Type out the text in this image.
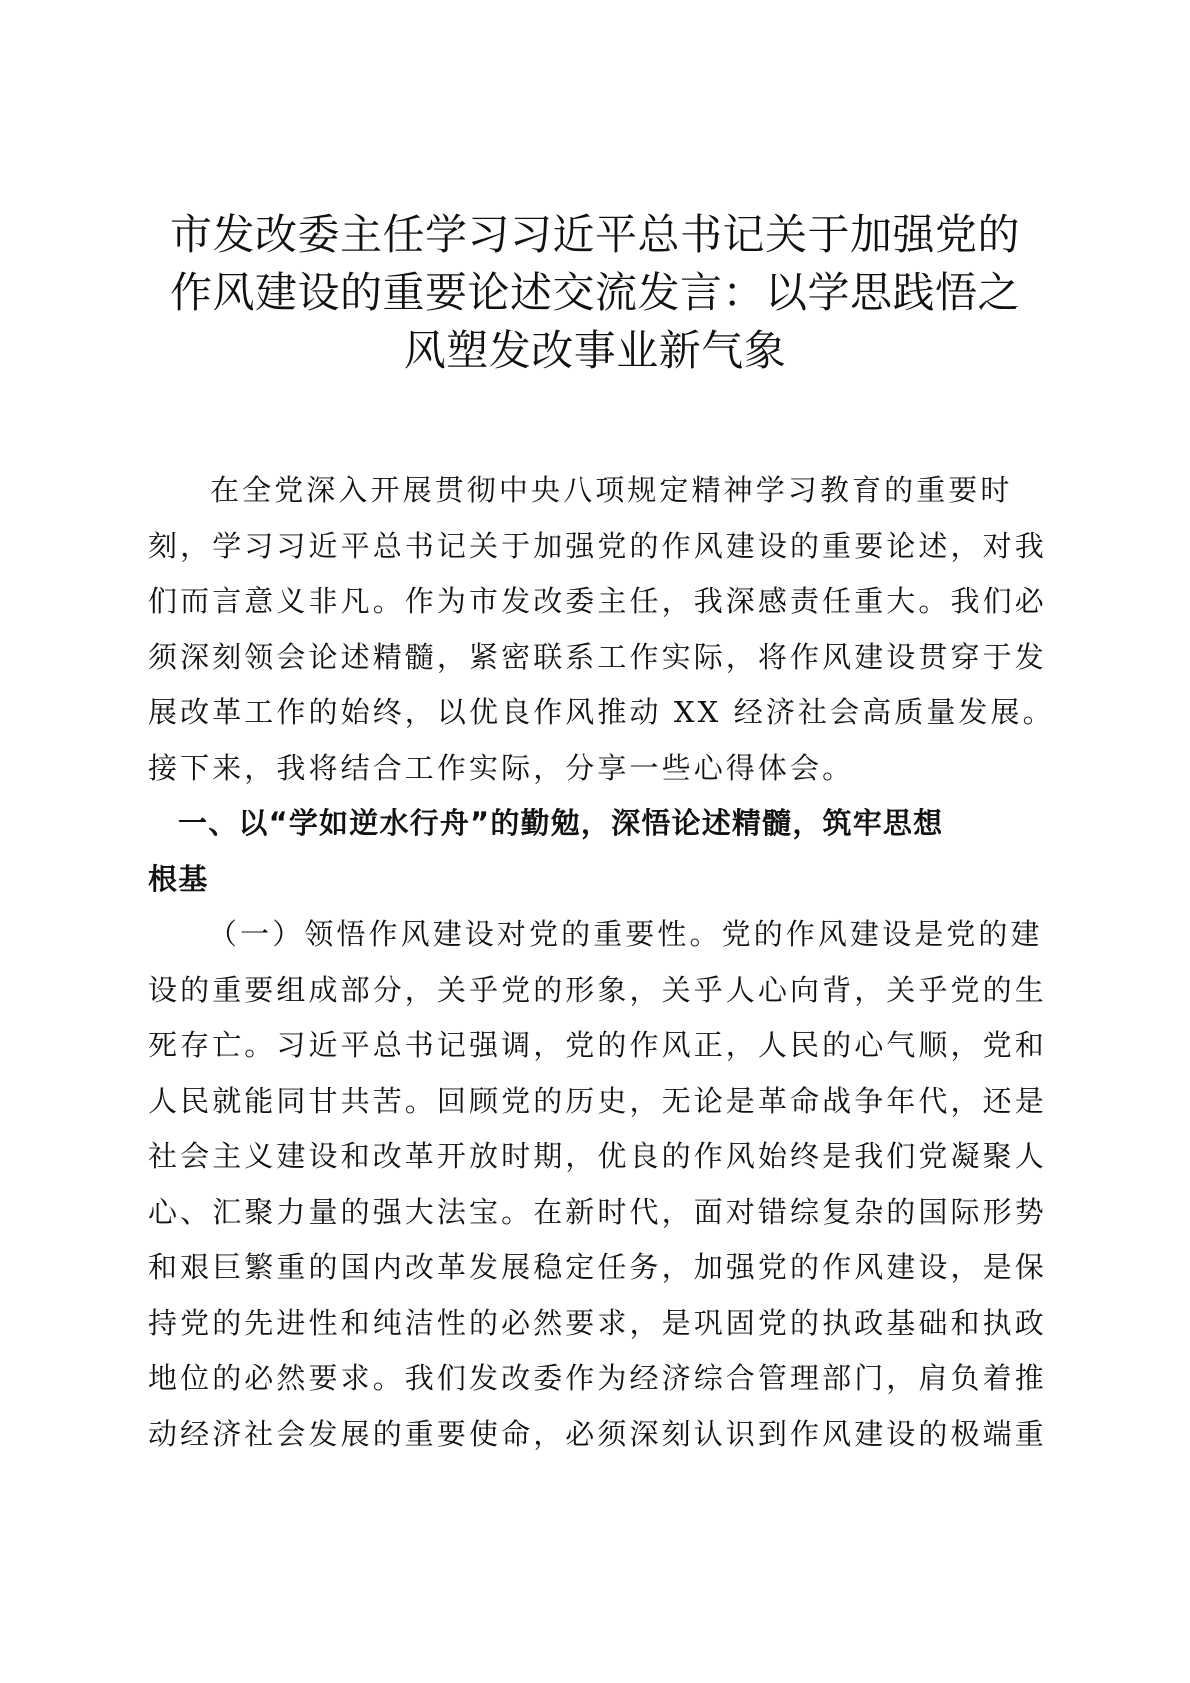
市发改委主任学习习近平总书记关于加强党的
作风建设的重要论述交流发言：以学思践悟之
风塑发改事业新气象

在全党深入开展贯彻中央八项规定精神学习教育的重要时
刻，学习习近平总书记关于加强党的作风建设的重要论述，对我
们而言意义非凡。作为市发改委主任，我深感责任重大。我们必
须深刻领会论述精髓，紧密联系工作实际，将作风建设贯穿于发
展改革工作的始终，以优良作风推动 XX 经济社会高质量发展。
接下来，我将结合工作实际，分享一些心得体会。

一、以“学如逆水行舟”的勤勉，深悟论述精髓，筑牢思想
根基

（一）领悟作风建设对党的重要性。党的作风建设是党的建
设的重要组成部分，关乎党的形象，关乎人心向背，关乎党的生
死存亡。习近平总书记强调，党的作风正，人民的心气顺，党和
人民就能同甘共苦。回顾党的历史，无论是革命战争年代，还是
社会主义建设和改革开放时期，优良的作风始终是我们党凝聚人
心、汇聚力量的强大法宝。在新时代，面对错综复杂的国际形势
和艰巨繁重的国内改革发展稳定任务，加强党的作风建设，是保
持党的先进性和纯洁性的必然要求，是巩固党的执政基础和执政
地位的必然要求。我们发改委作为经济综合管理部门，肩负着推
动经济社会发展的重要使命，必须深刻认识到作风建设的极端重
